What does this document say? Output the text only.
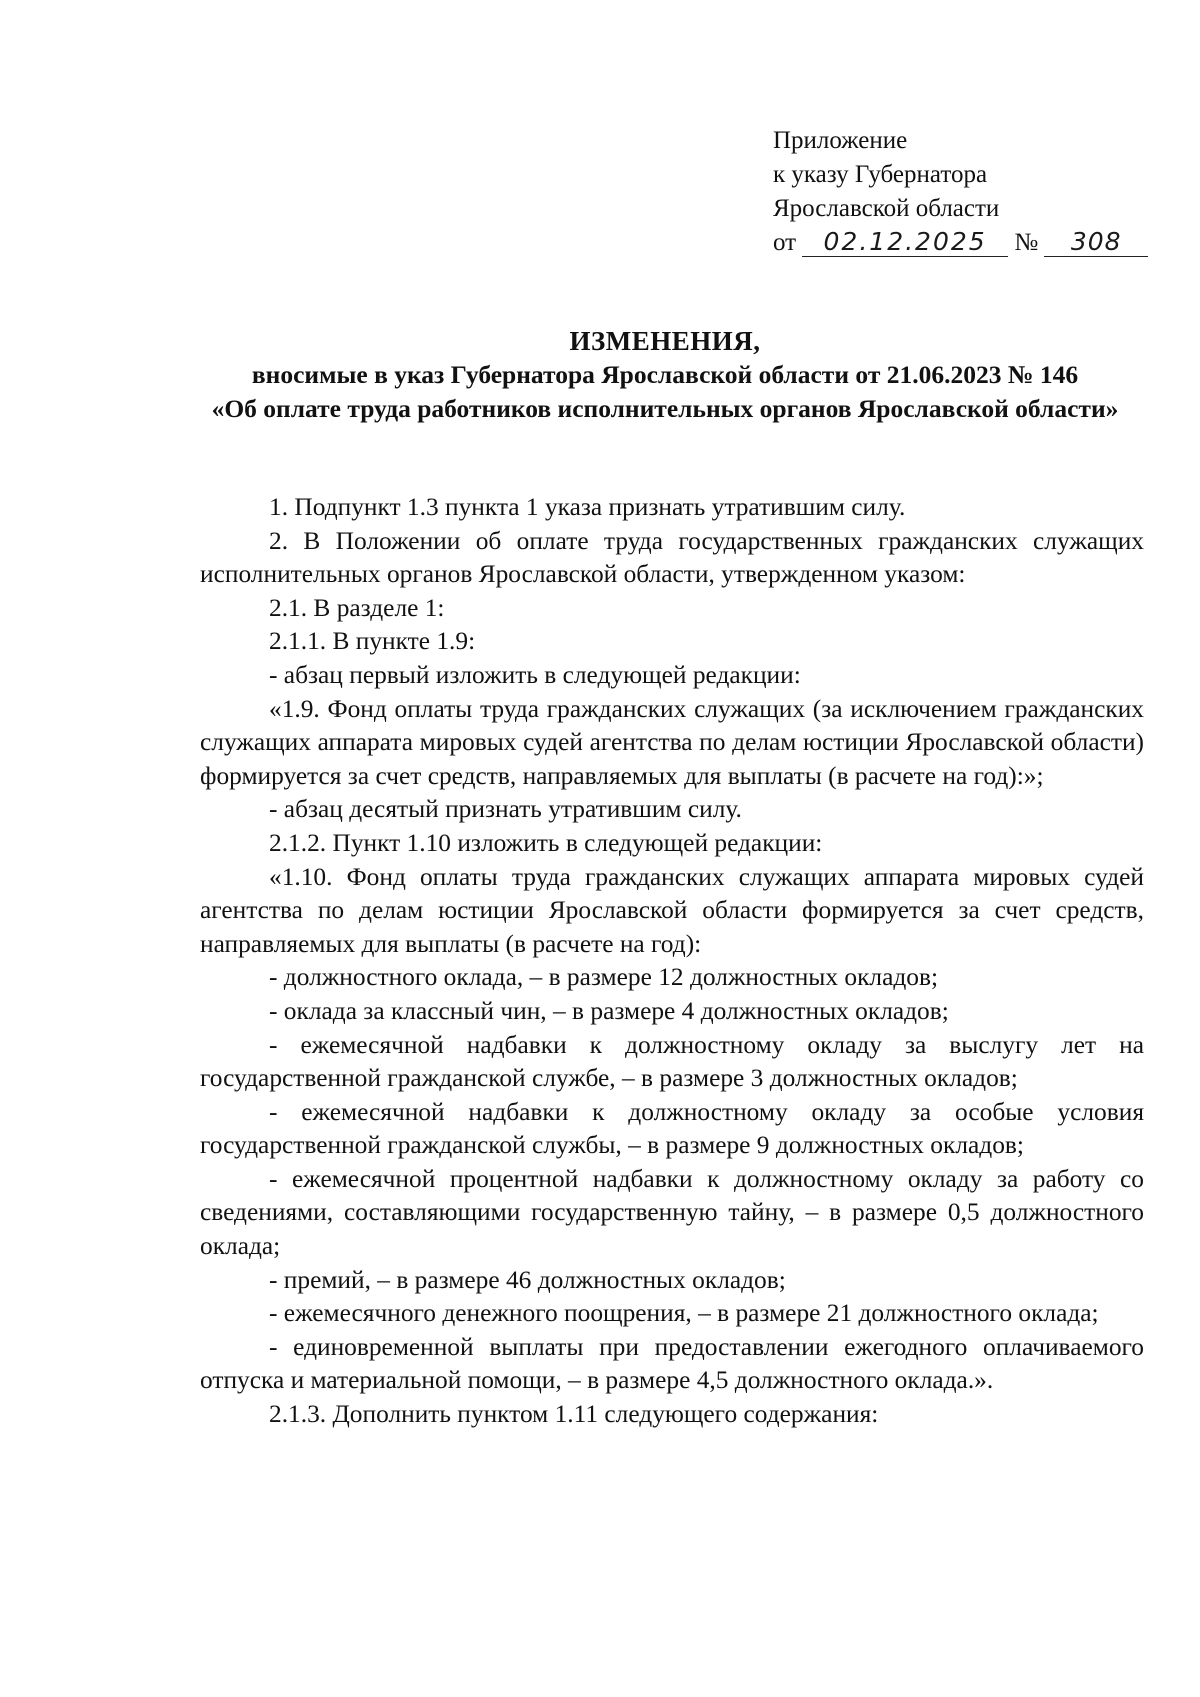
Приложение
к указу Губернатора
Ярославской области
от 02.12.2025 № 308
ИЗМЕНЕНИЯ,
вносимые в указ Губернатора Ярославской области от 21.06.2023 № 146
«Об оплате труда работников исполнительных органов Ярославской области»

1. Подпункт 1.3 пункта 1 указа признать утратившим силу.

2. В Положении об оплате труда государственных гражданских служащих исполнительных органов Ярославской области, утвержденном указом:

2.1. В разделе 1:

2.1.1. В пункте 1.9:

- абзац первый изложить в следующей редакции:

«1.9. Фонд оплаты труда гражданских служащих (за исключением гражданских служащих аппарата мировых судей агентства по делам юстиции Ярославской области) формируется за счет средств, направляемых для выплаты (в расчете на год):»;

- абзац десятый признать утратившим силу.

2.1.2. Пункт 1.10 изложить в следующей редакции:

«1.10. Фонд оплаты труда гражданских служащих аппарата мировых судей агентства по делам юстиции Ярославской области формируется за счет средств, направляемых для выплаты (в расчете на год):

- должностного оклада, – в размере 12 должностных окладов;

- оклада за классный чин, – в размере 4 должностных окладов;

- ежемесячной надбавки к должностному окладу за выслугу лет на государственной гражданской службе, – в размере 3 должностных окладов;

- ежемесячной надбавки к должностному окладу за особые условия государственной гражданской службы, – в размере 9 должностных окладов;

- ежемесячной процентной надбавки к должностному окладу за работу со сведениями, составляющими государственную тайну, – в размере 0,5 должностного оклада;

- премий, – в размере 46 должностных окладов;

- ежемесячного денежного поощрения, – в размере 21 должностного оклада;

- единовременной выплаты при предоставлении ежегодного оплачиваемого отпуска и материальной помощи, – в размере 4,5 должностного оклада.».

2.1.3. Дополнить пунктом 1.11 следующего содержания:
